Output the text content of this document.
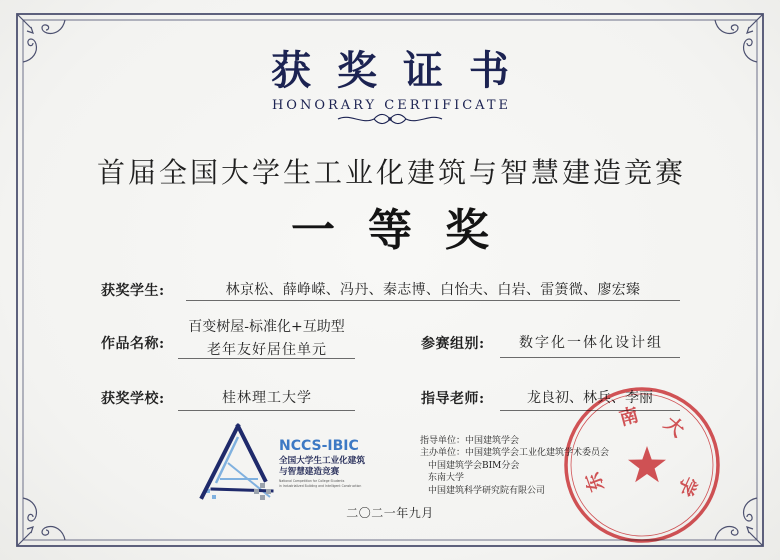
获奖证书
HONORARY CERTIFICATE
首届全国大学生工业化建筑与智慧建造竞赛
一等奖
获奖学生:	林京松、薛峥嵘、冯丹、秦志博、白怡夫、白岩、雷箦微、廖宏臻
作品名称:
百变树屋-标准化+互助型
老年友好居住单元	参赛组别:	数字化一体化设计组
获奖学校:	桂林理工大学	指导老师:	龙良初、林兵、李丽
NCCS-IBIC
全国大学生工业化建筑
与智慧建造竞赛
National Competition for College Students
in Industrialized Building and Intelligent Construction
指导单位：中国建筑学会
主办单位：中国建筑学会工业化建筑学术委员会
中国建筑学会BIM分会
东南大学
中国建筑科学研究院有限公司
二〇二一年九月
东
南 大
学
